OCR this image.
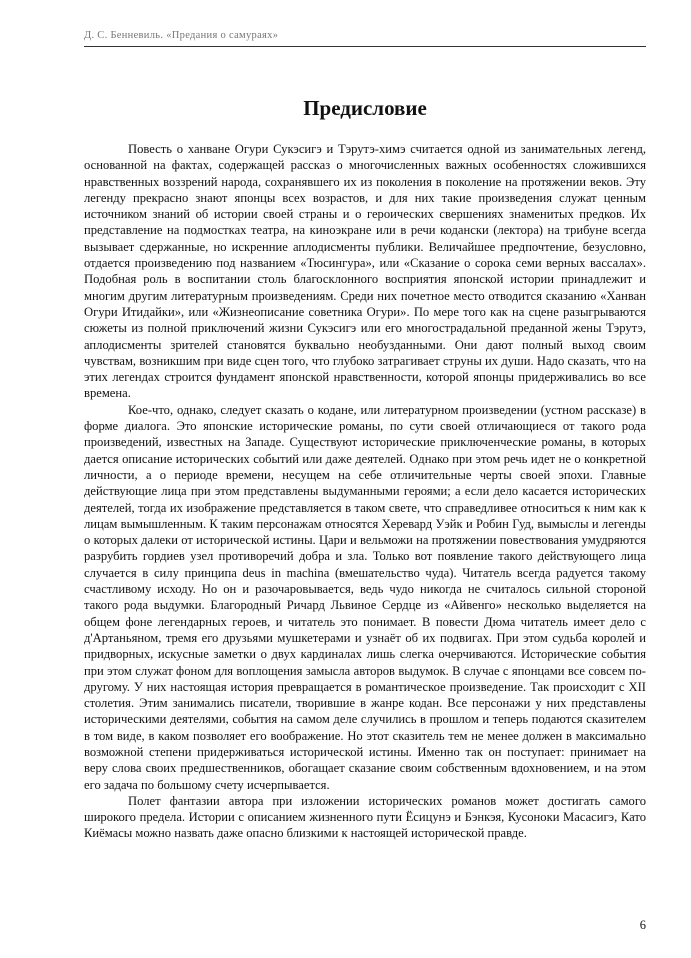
Д. С. Бенневиль. «Предания о самураях»
Предисловие

Повесть о ханване Огури Сукэсигэ и Тэрутэ-химэ считается одной из занимательных легенд, основанной на фактах, содержащей рассказ о многочисленных важных особенностях сложившихся нравственных воззрений народа, сохранявшего их из поколения в поколение на протяжении веков. Эту легенду прекрасно знают японцы всех возрастов, и для них такие произведения служат ценным источником знаний об истории своей страны и о героических свершениях знаменитых предков. Их представление на подмостках театра, на киноэкране или в речи кодански (лектора) на трибуне всегда вызывает сдержанные, но искренние аплодисменты публики. Величайшее предпочтение, безусловно, отдается произведению под названием «Тюсингура», или «Сказание о сорока семи верных вассалах». Подобная роль в воспитании столь благосклонного восприятия японской истории принадлежит и многим другим литературным произведениям. Среди них почетное место отводится сказанию «Ханван Огури Итидайки», или «Жизнеописание советника Огури». По мере того как на сцене разыгрываются сюжеты из полной приключений жизни Сукэсигэ или его многострадальной преданной жены Тэрутэ, аплодисменты зрителей становятся буквально необузданными. Они дают полный выход своим чувствам, возникшим при виде сцен того, что глубоко затрагивает струны их души. Надо сказать, что на этих легендах строится фундамент японской нравственности, которой японцы придерживались во все времена.

Кое-что, однако, следует сказать о кодане, или литературном произведении (устном рассказе) в форме диалога. Это японские исторические романы, по сути своей отличающиеся от такого рода произведений, известных на Западе. Существуют исторические приключенческие романы, в которых дается описание исторических событий или даже деятелей. Однако при этом речь идет не о конкретной личности, а о периоде времени, несущем на себе отличительные черты своей эпохи. Главные действующие лица при этом представлены выдуманными героями; а если дело касается исторических деятелей, тогда их изображение представляется в таком свете, что справедливее относиться к ним как к лицам вымышленным. К таким персонажам относятся Херевард Уэйк и Робин Гуд, вымыслы и легенды о которых далеки от исторической истины. Цари и вельможи на протяжении повествования умудряются разрубить гордиев узел противоречий добра и зла. Только вот появление такого действующего лица случается в силу принципа deus in machina (вмешательство чуда). Читатель всегда радуется такому счастливому исходу. Но он и разочаровывается, ведь чудо никогда не считалось сильной стороной такого рода выдумки. Благородный Ричард Львиное Сердце из «Айвенго» несколько выделяется на общем фоне легендарных героев, и читатель это понимает. В повести Дюма читатель имеет дело с д'Артаньяном, тремя его друзьями мушкетерами и узнаёт об их подвигах. При этом судьба королей и придворных, искусные заметки о двух кардиналах лишь слегка очерчиваются. Исторические события при этом служат фоном для воплощения замысла авторов выдумок. В случае с японцами все совсем по-другому. У них настоящая история превращается в романтическое произведение. Так происходит с XII столетия. Этим занимались писатели, творившие в жанре кодан. Все персонажи у них представлены историческими деятелями, события на самом деле случились в прошлом и теперь подаются сказителем в том виде, в каком позволяет его воображение. Но этот сказитель тем не менее должен в максимально возможной степени придерживаться исторической истины. Именно так он поступает: принимает на веру слова своих предшественников, обогащает сказание своим собственным вдохновением, и на этом его задача по большому счету исчерпывается.

Полет фантазии автора при изложении исторических романов может достигать самого широкого предела. Истории с описанием жизненного пути Ёсицунэ и Бэнкэя, Кусоноки Масасигэ, Като Киёмасы можно назвать даже опасно близкими к настоящей исторической правде.

6
